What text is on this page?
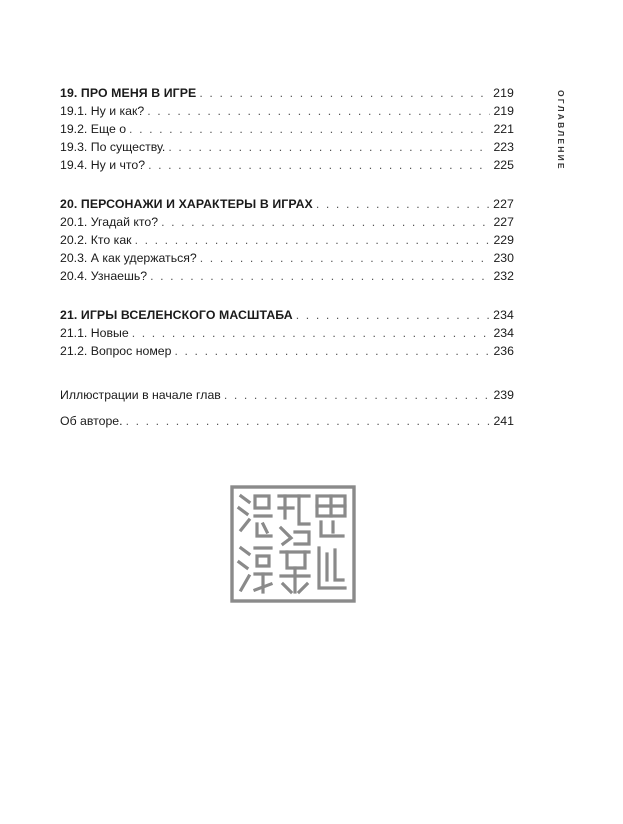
ОГЛАВЛЕНИЕ
19. ПРО МЕНЯ В ИГРЕ . . .	219
19.1. Ну и как? . . .	219
19.2. Еще о . . .	221
19.3. По существу. . . .	223
19.4. Ну и что? . . .	225
20. ПЕРСОНАЖИ И ХАРАКТЕРЫ В ИГРАХ . . .	227
20.1. Угадай кто? . . .	227
20.2. Кто как . . .	229
20.3. А как удержаться? . . .	230
20.4. Узнаешь? . . .	232
21. ИГРЫ ВСЕЛЕНСКОГО МАСШТАБА . . .	234
21.1. Новые . . .	234
21.2. Вопрос номер . . .	236
Иллюстрации в начале глав . . .	239
Об авторе. . . .	241
